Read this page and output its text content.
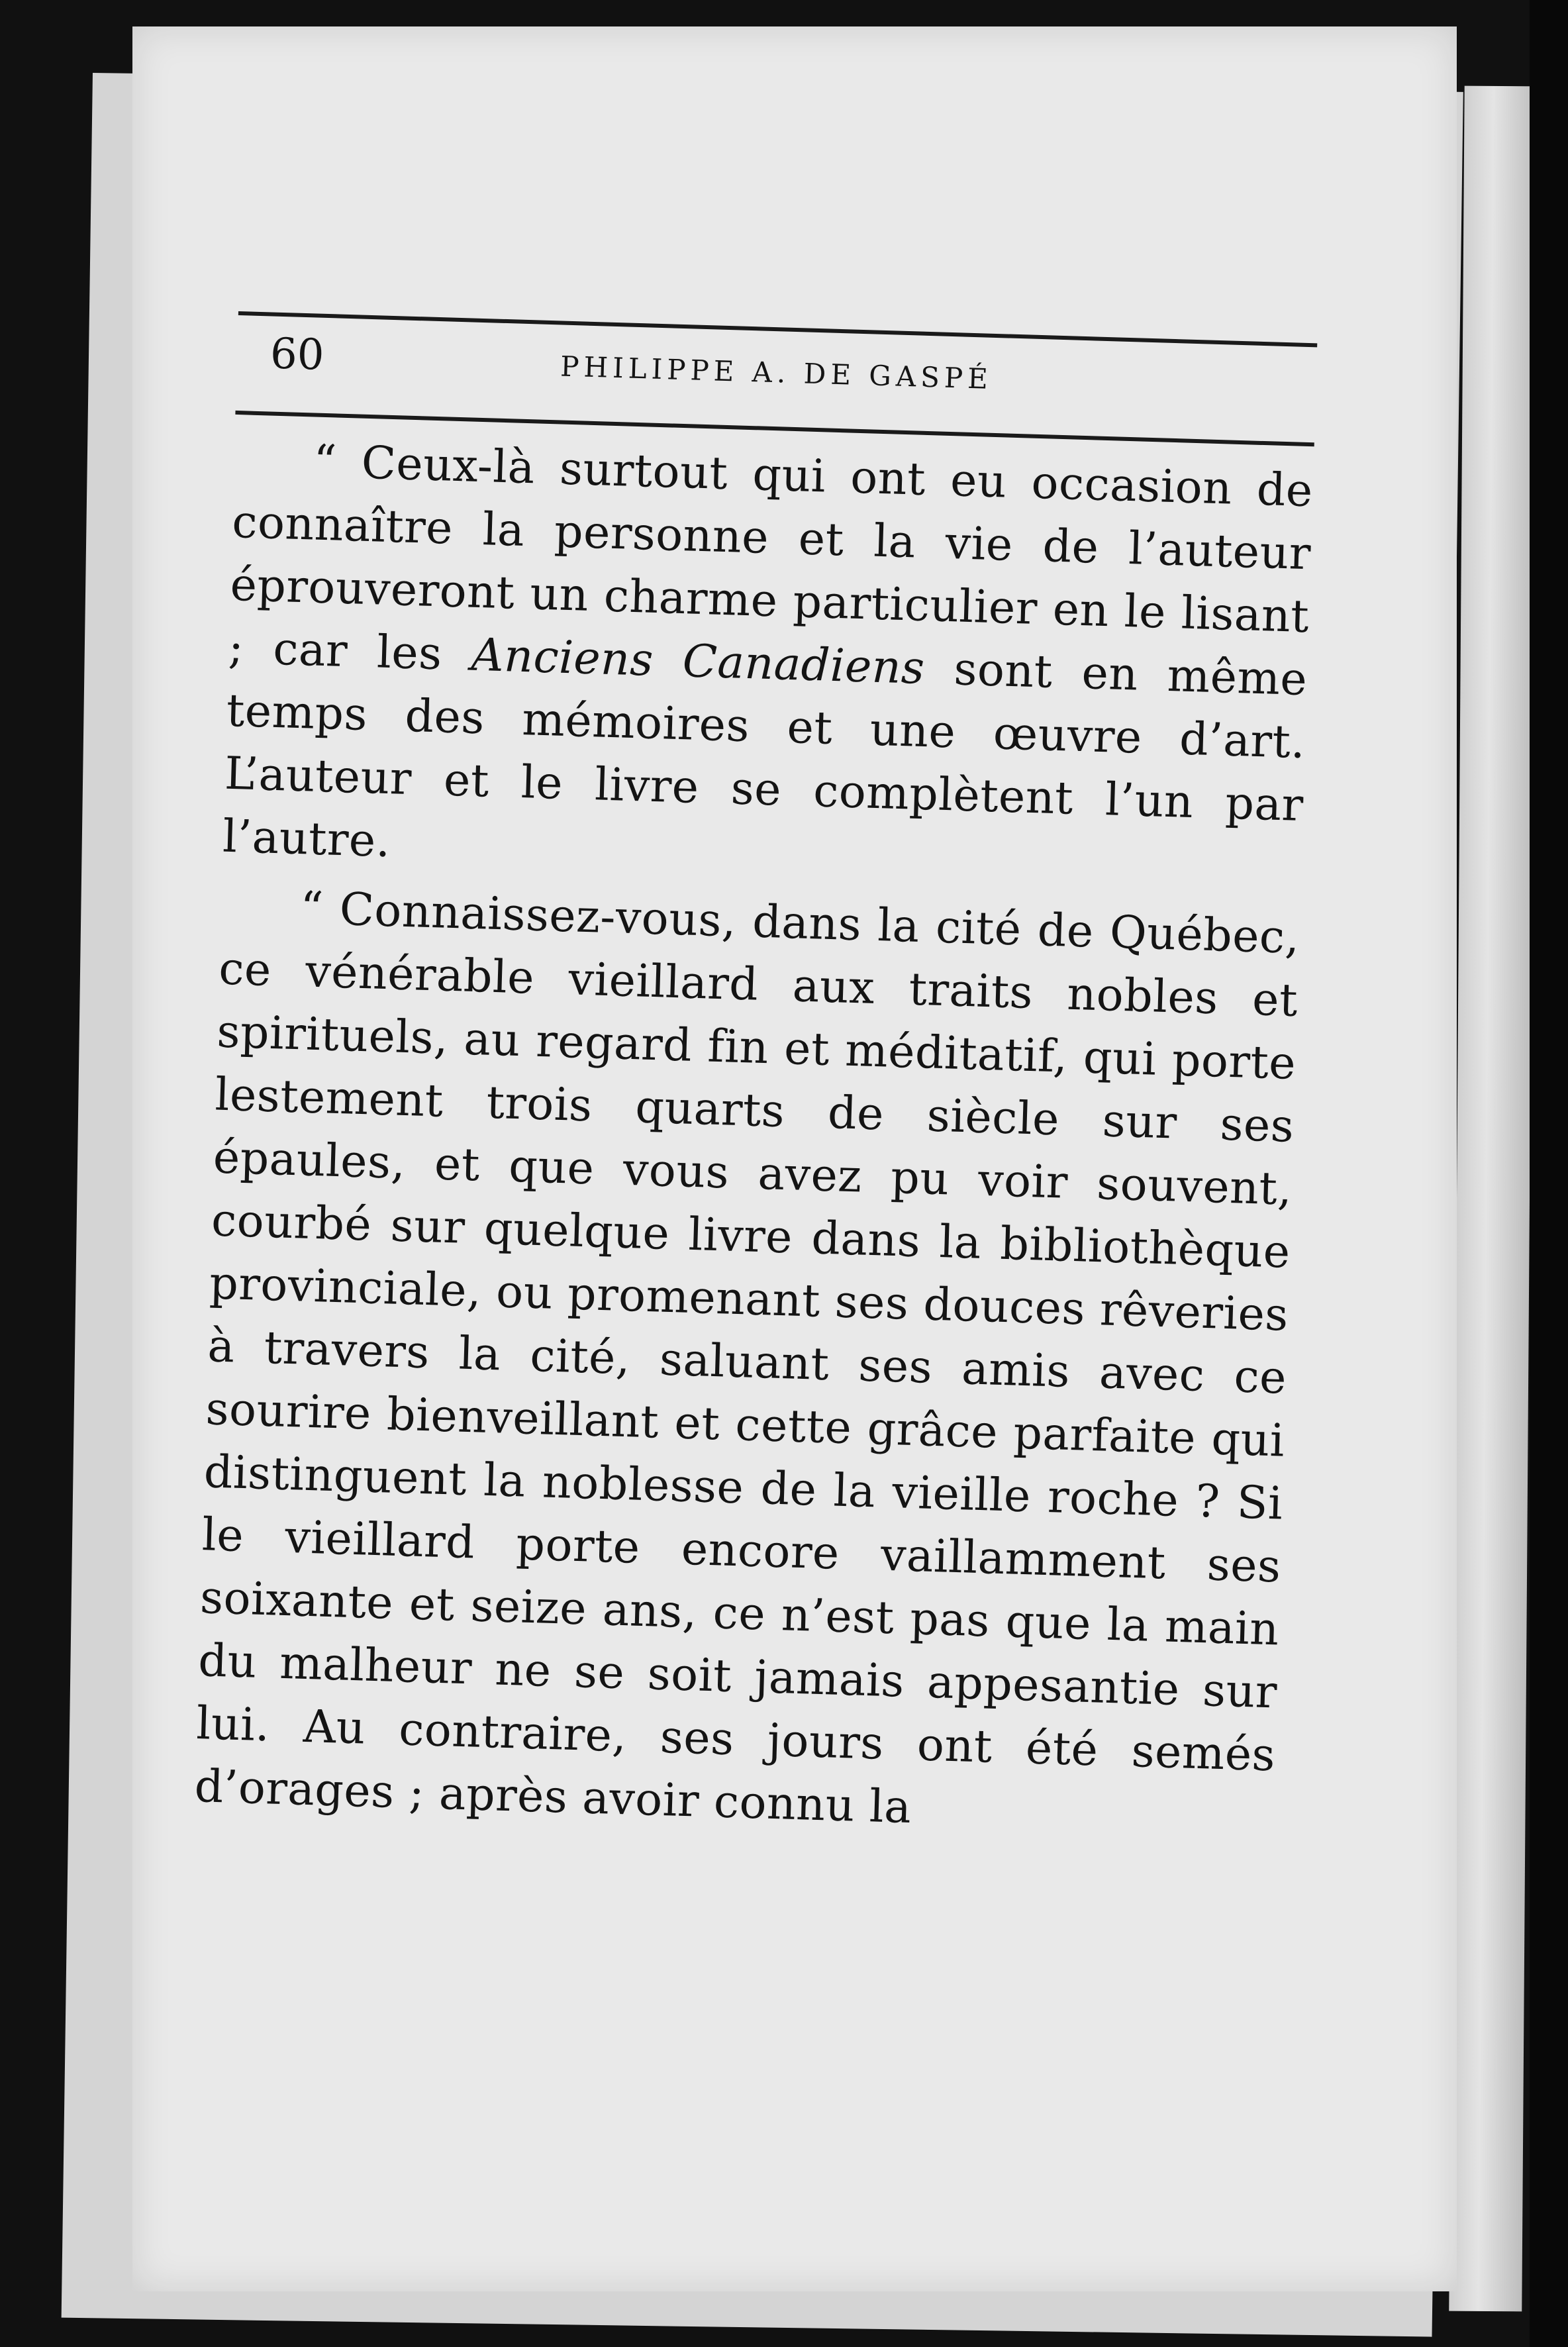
60	PHILIPPE A. DE GASPÉ

“ Ceux-là surtout qui ont eu occasion de connaître la personne et la vie de l’auteur éprouveront un charme particulier en le lisant ; car les Anciens Canadiens sont en même temps des mémoires et une œuvre d’art. L’auteur et le livre se complètent l’un par l’autre.

“ Connaissez-vous, dans la cité de Québec, ce vénérable vieillard aux traits nobles et spirituels, au regard fin et méditatif, qui porte lestement trois quarts de siècle sur ses épaules, et que vous avez pu voir souvent, courbé sur quelque livre dans la bibliothèque provinciale, ou promenant ses douces rêveries à travers la cité, saluant ses amis avec ce sourire bienveillant et cette grâce parfaite qui distinguent la noblesse de la vieille roche ? Si le vieillard porte encore vaillamment ses soixante et seize ans, ce n’est pas que la main du malheur ne se soit jamais appesantie sur lui. Au contraire, ses jours ont été semés d’orages ; après avoir connu la
